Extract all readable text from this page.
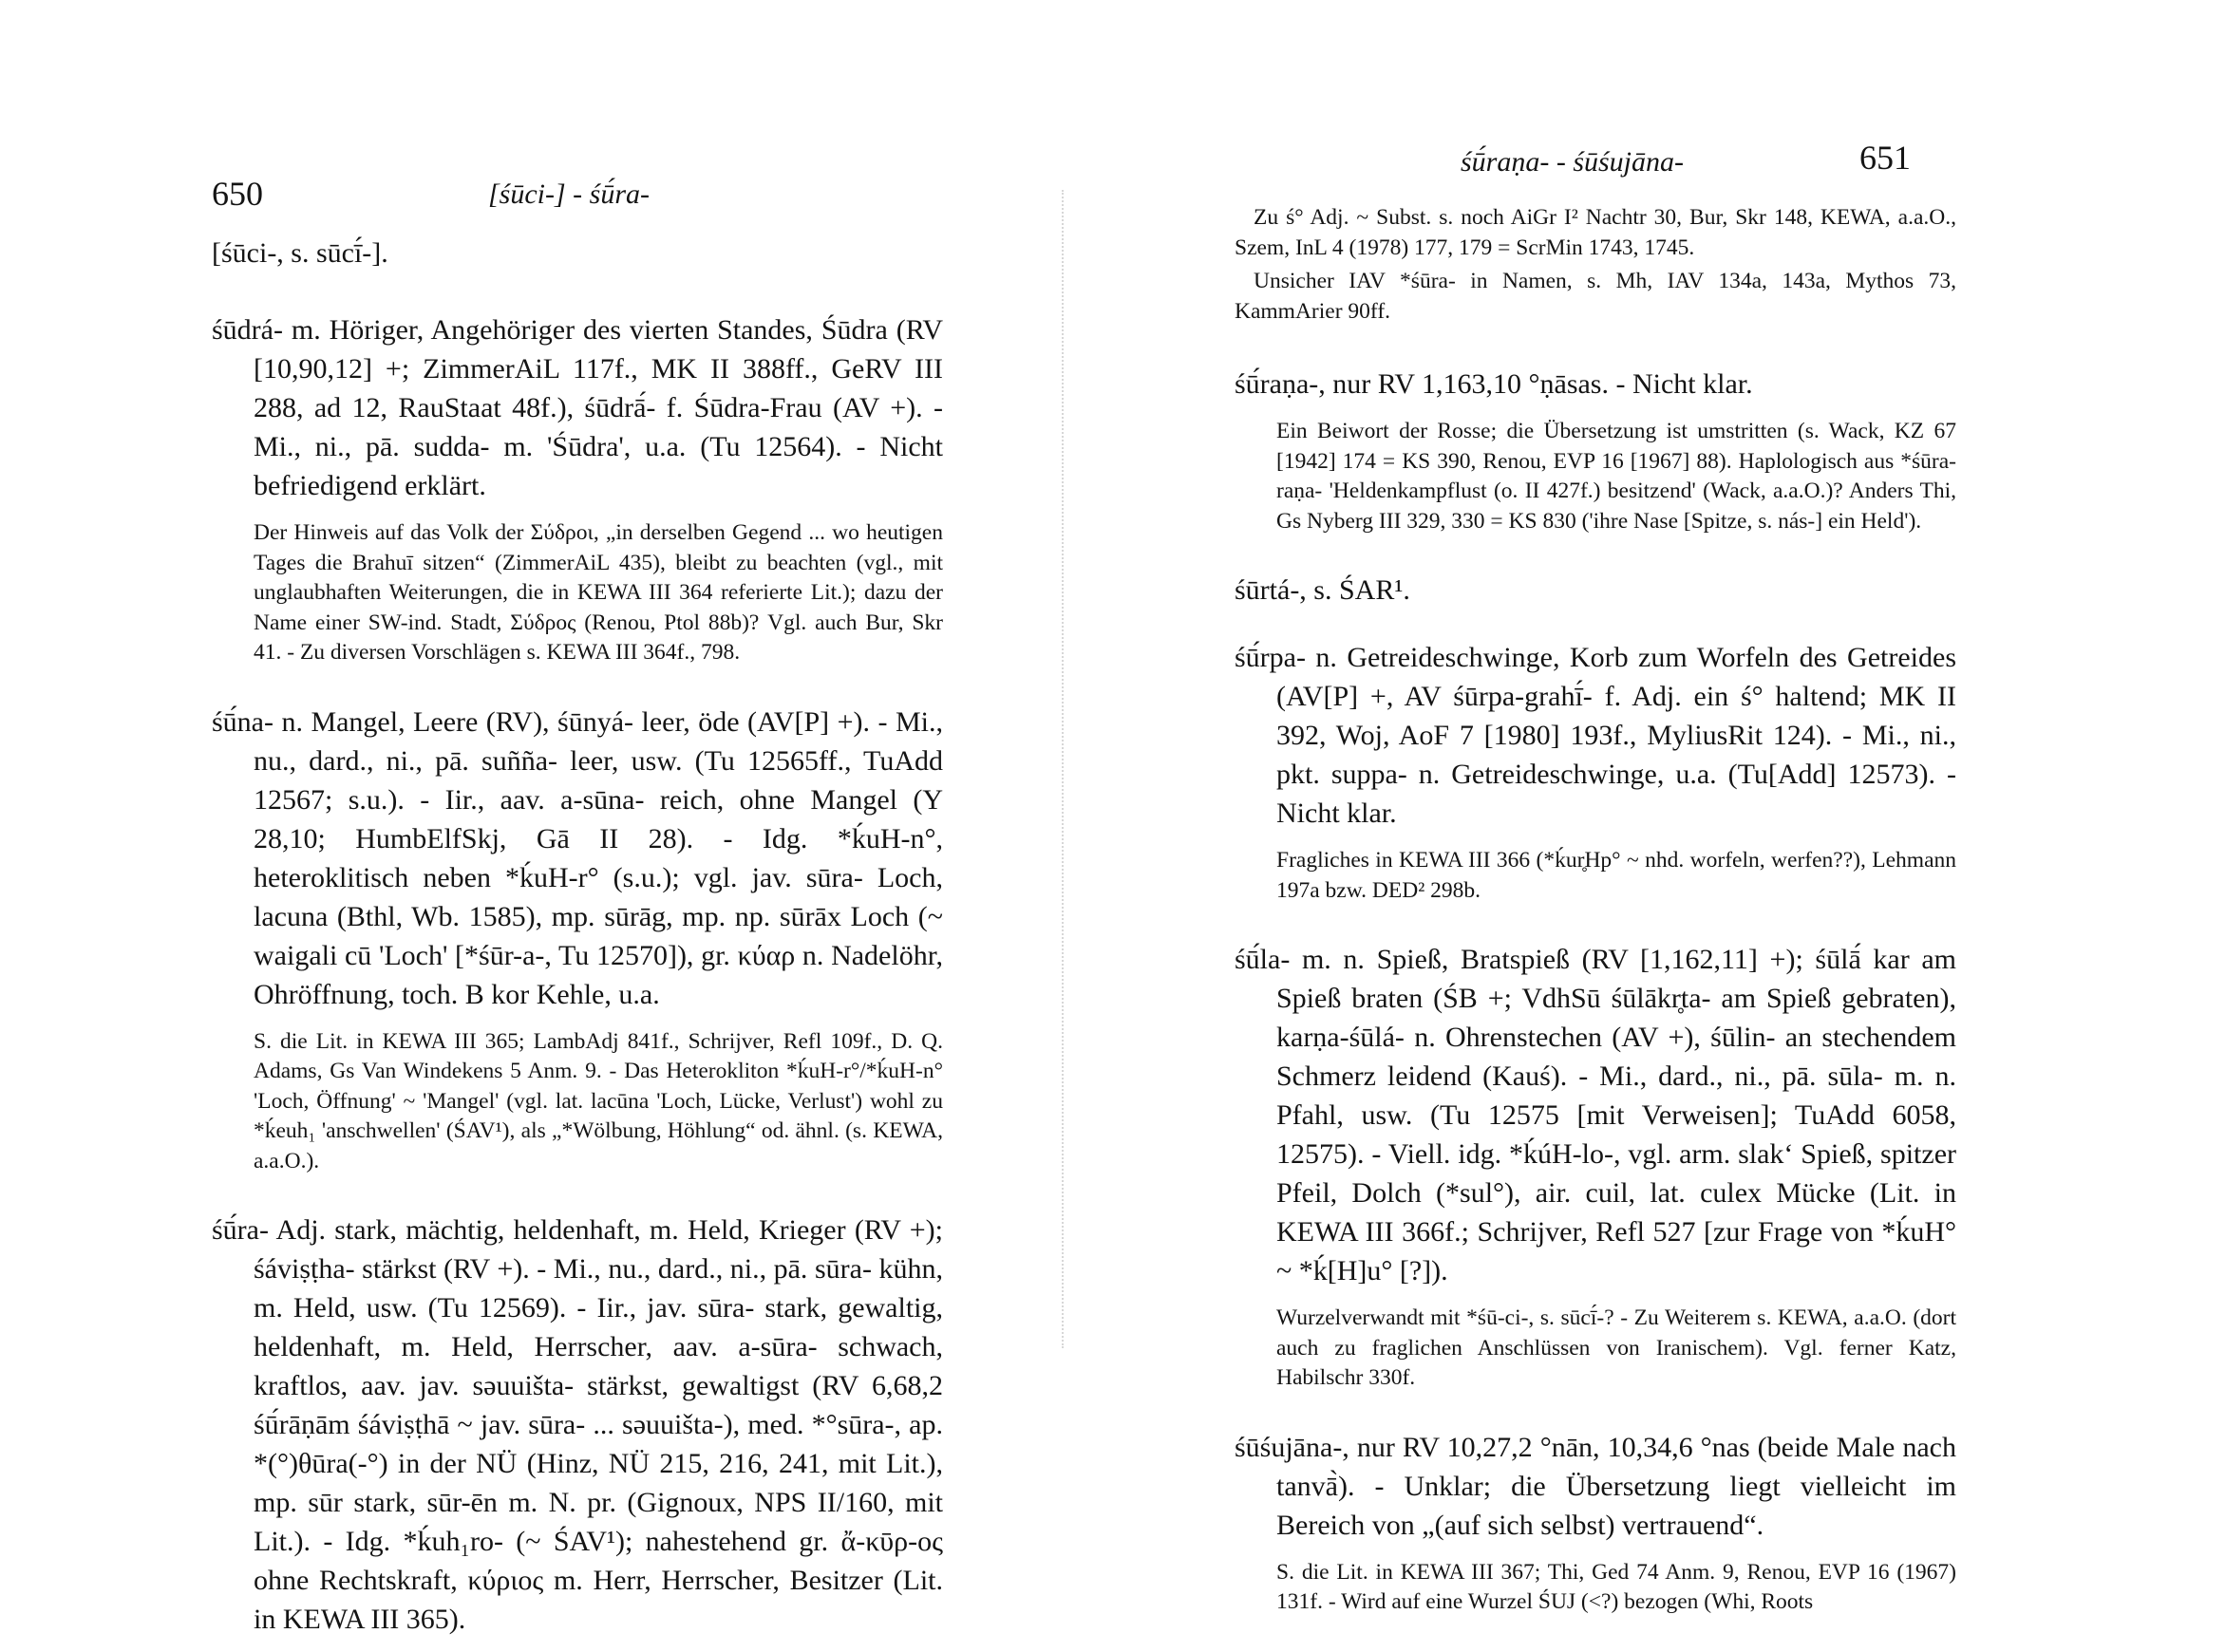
650	[śūci-] - śū́ra-

[śūci-, s. sūcī́-].

śūdrá- m. Höriger, Angehöriger des vierten Standes, Śūdra (RV [10,90,12] +; ZimmerAiL 117f., MK II 388ff., GeRV III 288, ad 12, RauStaat 48f.), śūdrā́- f. Śūdra-Frau (AV +). - Mi., ni., pā. sudda- m. 'Śūdra', u.a. (Tu 12564). - Nicht befriedigend erklärt.

Der Hinweis auf das Volk der Σύδροι, „in derselben Gegend ... wo heutigen Tages die Brahuī sitzen“ (ZimmerAiL 435), bleibt zu beachten (vgl., mit unglaubhaften Weiterungen, die in KEWA III 364 referierte Lit.); dazu der Name einer SW-ind. Stadt, Σύδρος (Renou, Ptol 88b)? Vgl. auch Bur, Skr 41. - Zu diversen Vorschlägen s. KEWA III 364f., 798.

śū́na- n. Mangel, Leere (RV), śūnyá- leer, öde (AV[P] +). - Mi., nu., dard., ni., pā. suñña- leer, usw. (Tu 12565ff., TuAdd 12567; s.u.). - Iir., aav. a-sūna- reich, ohne Mangel (Y 28,10; HumbElfSkj, Gā II 28). - Idg. *ḱuH-n°, heteroklitisch neben *ḱuH-r° (s.u.); vgl. jav. sūra- Loch, lacuna (Bthl, Wb. 1585), mp. sūrāg, mp. np. sūrāx Loch (~ waigali cū 'Loch' [*śūr-a-, Tu 12570]), gr. κύαρ n. Nadelöhr, Ohröffnung, toch. B kor Kehle, u.a.

S. die Lit. in KEWA III 365; LambAdj 841f., Schrijver, Refl 109f., D. Q. Adams, Gs Van Windekens 5 Anm. 9. - Das Heterokliton *ḱuH-r°/*ḱuH-n° 'Loch, Öffnung' ~ 'Mangel' (vgl. lat. lacūna 'Loch, Lücke, Verlust') wohl zu *ḱeuh₁ 'anschwellen' (ŚAV¹), als „*Wölbung, Höhlung“ od. ähnl. (s. KEWA, a.a.O.).

śū́ra- Adj. stark, mächtig, heldenhaft, m. Held, Krieger (RV +); śáviṣṭha- stärkst (RV +). - Mi., nu., dard., ni., pā. sūra- kühn, m. Held, usw. (Tu 12569). - Iir., jav. sūra- stark, gewaltig, heldenhaft, m. Held, Herrscher, aav. a-sūra- schwach, kraftlos, aav. jav. səuuišta- stärkst, gewaltigst (RV 6,68,2 śū́rāṇām śáviṣṭhā ~ jav. sūra- ... səuuišta-), med. *°sūra-, ap. *(°)θūra(-°) in der NÜ (Hinz, NÜ 215, 216, 241, mit Lit.), mp. sūr stark, sūr-ēn m. N. pr. (Gignoux, NPS II/160, mit Lit.). - Idg. *ḱuh₁ro- (~ ŚAV¹); nahestehend gr. ἄ-κῡρ-ος ohne Rechtskraft, κύριος m. Herr, Herrscher, Besitzer (Lit. in KEWA III 365).

śū́raṇa- - śūśujāna-	651

Zu ś° Adj. ~ Subst. s. noch AiGr I² Nachtr 30, Bur, Skr 148, KEWA, a.a.O., Szem, InL 4 (1978) 177, 179 = ScrMin 1743, 1745.

Unsicher IAV *śūra- in Namen, s. Mh, IAV 134a, 143a, Mythos 73, KammArier 90ff.

śū́raṇa-, nur RV 1,163,10 °ṇāsas. - Nicht klar.

Ein Beiwort der Rosse; die Übersetzung ist umstritten (s. Wack, KZ 67 [1942] 174 = KS 390, Renou, EVP 16 [1967] 88). Haplologisch aus *śūra-raṇa- 'Heldenkampflust (o. II 427f.) besitzend' (Wack, a.a.O.)? Anders Thi, Gs Nyberg III 329, 330 = KS 830 ('ihre Nase [Spitze, s. nás-] ein Held').

śūrtá-, s. ŚAR¹.

śū́rpa- n. Getreideschwinge, Korb zum Worfeln des Getreides (AV[P] +, AV śūrpa-grahī́- f. Adj. ein ś° haltend; MK II 392, Woj, AoF 7 [1980] 193f., MyliusRit 124). - Mi., ni., pkt. suppa- n. Getreideschwinge, u.a. (Tu[Add] 12573). - Nicht klar.

Fragliches in KEWA III 366 (*ḱur̥Hp° ~ nhd. worfeln, werfen??), Lehmann 197a bzw. DED² 298b.

śū́la- m. n. Spieß, Bratspieß (RV [1,162,11] +); śūlā́ kar am Spieß braten (ŚB +; VdhSū śūlākr̥ta- am Spieß gebraten), karṇa-śūlá- n. Ohrenstechen (AV +), śūlin- an stechendem Schmerz leidend (Kauś). - Mi., dard., ni., pā. sūla- m. n. Pfahl, usw. (Tu 12575 [mit Verweisen]; TuAdd 6058, 12575). - Viell. idg. *ḱúH-lo-, vgl. arm. slakʻ Spieß, spitzer Pfeil, Dolch (*sul°), air. cuil, lat. culex Mücke (Lit. in KEWA III 366f.; Schrijver, Refl 527 [zur Frage von *ḱuH° ~ *ḱ[H]u° [?]).

Wurzelverwandt mit *śū-ci-, s. sūcī́-? - Zu Weiterem s. KEWA, a.a.O. (dort auch zu fraglichen Anschlüssen von Iranischem). Vgl. ferner Katz, Habilschr 330f.

śūśujāna-, nur RV 10,27,2 °nān, 10,34,6 °nas (beide Male nach tanvā̀). - Unklar; die Übersetzung liegt vielleicht im Bereich von „(auf sich selbst) vertrauend“.

S. die Lit. in KEWA III 367; Thi, Ged 74 Anm. 9, Renou, EVP 16 (1967) 131f. - Wird auf eine Wurzel ŚUJ (<?) bezogen (Whi, Roots
